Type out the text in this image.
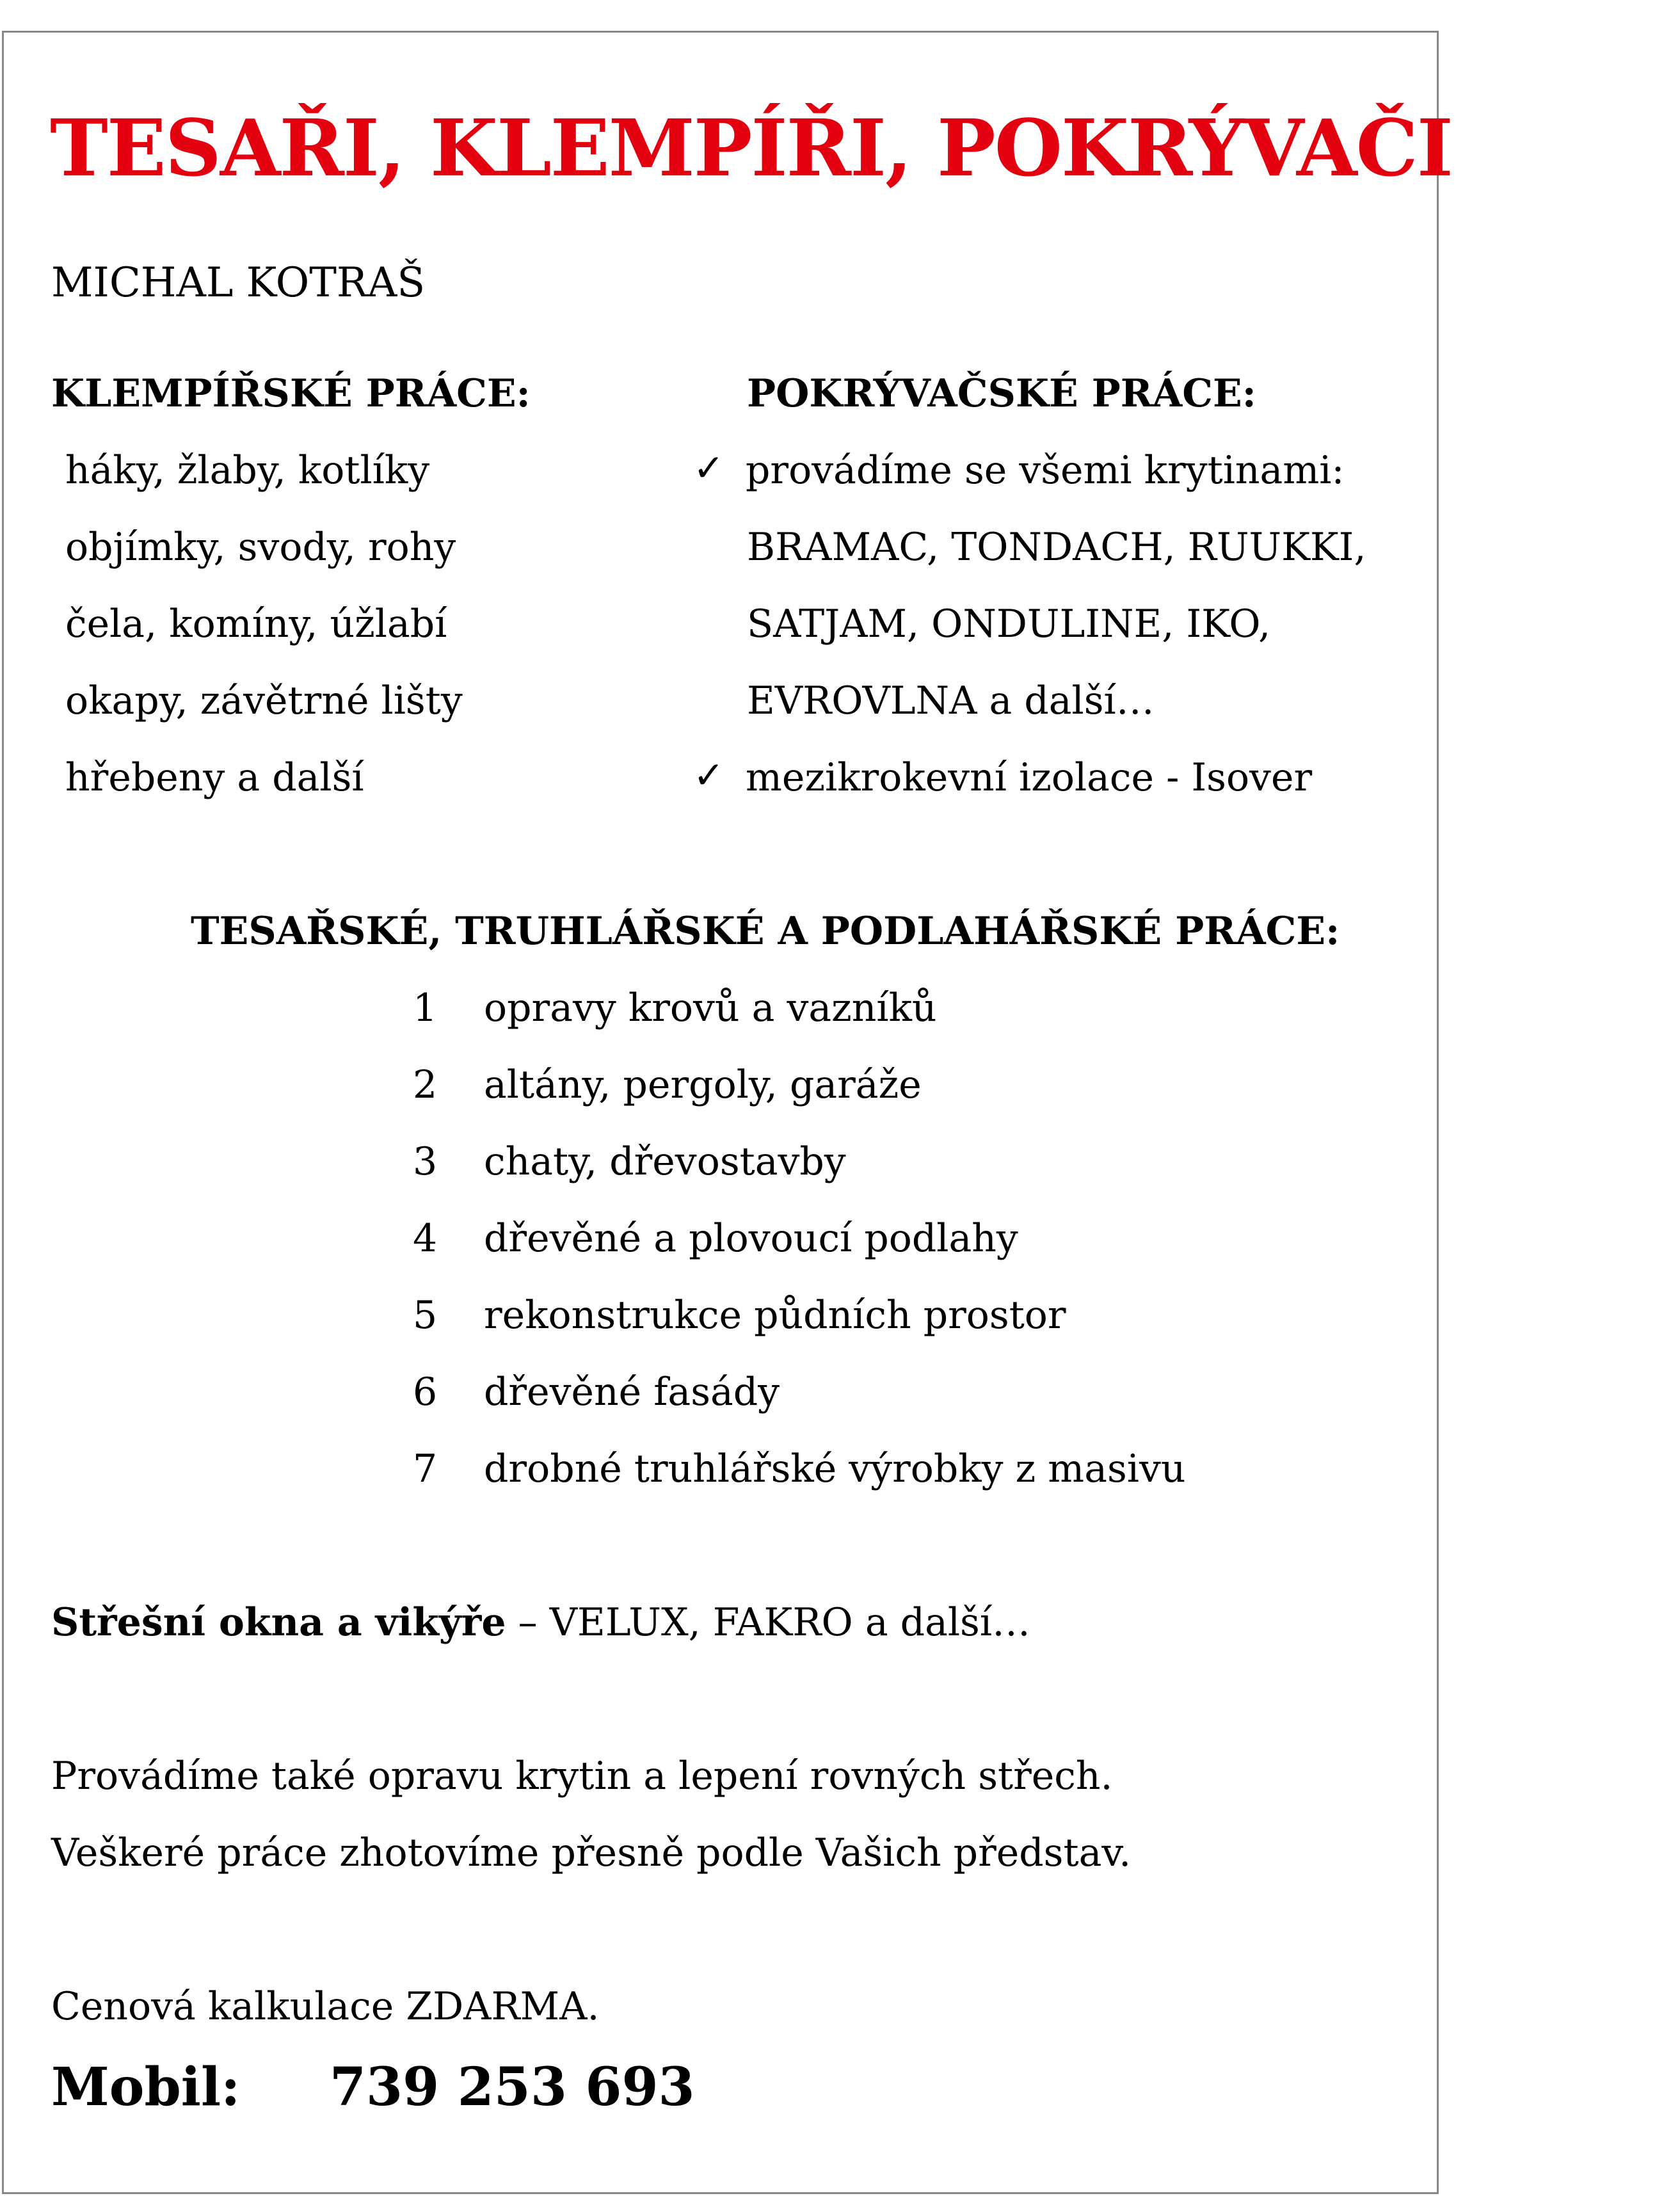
TESAŘI, KLEMPÍŘI, POKRÝVAČI
MICHAL KOTRAŠ
KLEMPÍŘSKÉ PRÁCE:
háky, žlaby, kotlíky
objímky, svody, rohy
čela, komíny, úžlabí
okapy, závětrné lišty
hřebeny a další
POKRÝVAČSKÉ PRÁCE:
✓ provádíme se všemi krytinami:
BRAMAC, TONDACH, RUUKKI,
SATJAM, ONDULINE, IKO,
EVROVLNA a další…
✓ mezikrokevní izolace - Isover
TESAŘSKÉ, TRUHLÁŘSKÉ A PODLAHÁŘSKÉ PRÁCE:
1 opravy krovů a vazníků
2 altány, pergoly, garáže
3 chaty, dřevostavby
4 dřevěné a plovoucí podlahy
5 rekonstrukce půdních prostor
6 dřevěné fasády
7 drobné truhlářské výrobky z masivu
Střešní okna a vikýře – VELUX, FAKRO a další…
Provádíme také opravu krytin a lepení rovných střech.
Veškeré práce zhotovíme přesně podle Vašich představ.
Cenová kalkulace ZDARMA.
Mobil: 739 253 693
